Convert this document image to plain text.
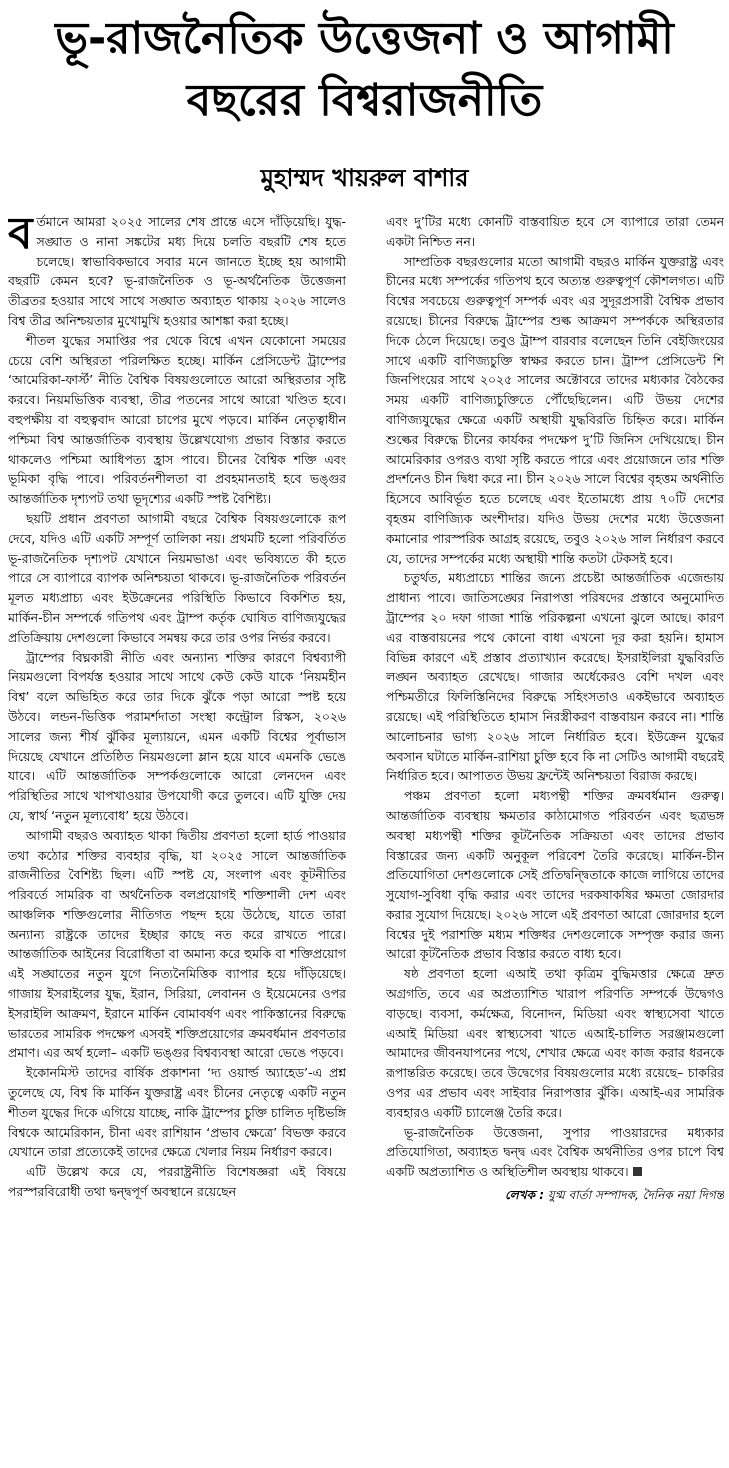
ভূ-রাজনৈতিক উত্তেজনা ও আগামী
বছরের বিশ্বরাজনীতি
মুহাম্মদ খায়রুল বাশার

বর্তমানে আমরা ২০২৫ সালের শেষ প্রান্তে এসে দাঁড়িয়েছি। যুদ্ধ-সঙ্ঘাত ও নানা সঙ্কটের মধ্য দিয়ে চলতি বছরটি শেষ হতে চলেছে। স্বাভাবিকভাবে সবার মনে জানতে ইচ্ছে হয় আগামী বছরটি কেমন হবে? ভূ-রাজনৈতিক ও ভূ-অর্থনৈতিক উত্তেজনা তীব্রতর হওয়ার সাথে সাথে সঙ্ঘাত অব্যাহত থাকায় ২০২৬ সালেও বিশ্ব তীব্র অনিশ্চয়তার মুখোমুখি হওয়ার আশঙ্কা করা হচ্ছে।

শীতল যুদ্ধের সমাপ্তির পর থেকে বিশ্বে এখন যেকোনো সময়ের চেয়ে বেশি অস্থিরতা পরিলক্ষিত হচ্ছে। মার্কিন প্রেসিডেন্ট ট্রাম্পের ‘আমেরিকা-ফার্স্ট’ নীতি বৈশ্বিক বিষয়গুলোতে আরো অস্থিরতার সৃষ্টি করবে। নিয়মভিত্তিক ব্যবস্থা, তীব্র পতনের সাথে আরো খণ্ডিত হবে। বহুপক্ষীয় বা বহুত্ববাদ আরো চাপের মুখে পড়বে। মার্কিন নেতৃত্বাধীন পশ্চিমা বিশ্ব আন্তর্জাতিক ব্যবস্থায় উল্লেখযোগ্য প্রভাব বিস্তার করতে থাকলেও পশ্চিমা আধিপত্য হ্রাস পাবে। চীনের বৈশ্বিক শক্তি এবং ভূমিকা বৃদ্ধি পাবে। পরিবর্তনশীলতা বা প্রবহমানতাই হবে ভঙ্গুর আন্তর্জাতিক দৃশ্যপট তথা ভূদৃশ্যের একটি স্পষ্ট বৈশিষ্ট্য।

ছয়টি প্রধান প্রবণতা আগামী বছরে বৈশ্বিক বিষয়গুলোকে রূপ দেবে, যদিও এটি একটি সম্পূর্ণ তালিকা নয়। প্রথমটি হলো পরিবর্তিত ভূ-রাজনৈতিক দৃশ্যপট যেখানে নিয়মভাঙা এবং ভবিষ্যতে কী হতে পারে সে ব্যাপারে ব্যাপক অনিশ্চয়তা থাকবে। ভূ-রাজনৈতিক পরিবর্তন মূলত মধ্যপ্রাচ্য এবং ইউক্রেনের পরিস্থিতি কিভাবে বিকশিত হয়, মার্কিন-চীন সম্পর্কে গতিপথ এবং ট্রাম্প কর্তৃক ঘোষিত বাণিজ্যযুদ্ধের প্রতিক্রিয়ায় দেশগুলো কিভাবে সমন্বয় করে তার ওপর নির্ভর করবে।

ট্রাম্পের বিঘ্নকারী নীতি এবং অন্যান্য শক্তির কারণে বিশ্বব্যাপী নিয়মগুলো বিপর্যস্ত হওয়ার সাথে সাথে কেউ কেউ যাকে ‘নিয়মহীন বিশ্ব’ বলে অভিহিত করে তার দিকে ঝুঁকে পড়া আরো স্পষ্ট হয়ে উঠবে। লন্ডন-ভিত্তিক পরামর্শদাতা সংস্থা কন্ট্রোল রিস্কস, ২০২৬ সালের জন্য শীর্ষ ঝুঁকির মূল্যায়নে, এমন একটি বিশ্বের পূর্বাভাস দিয়েছে যেখানে প্রতিষ্ঠিত নিয়মগুলো ম্লান হয়ে যাবে এমনকি ভেঙে যাবে। এটি আন্তর্জাতিক সম্পর্কগুলোকে আরো লেনদেন এবং পরিস্থিতির সাথে খাপখাওয়ার উপযোগী করে তুলবে। এটি যুক্তি দেয় যে, স্বার্থ ‘নতুন মূল্যবোধ’ হয়ে উঠবে।

আগামী বছরও অব্যাহত থাকা দ্বিতীয় প্রবণতা হলো হার্ড পাওয়ার তথা কঠোর শক্তির ব্যবহার বৃদ্ধি, যা ২০২৫ সালে আন্তর্জাতিক রাজনীতির বৈশিষ্ট্য ছিল। এটি স্পষ্ট যে, সংলাপ এবং কূটনীতির পরিবর্তে সামরিক বা অর্থনৈতিক বলপ্রয়োগই শক্তিশালী দেশ এবং আঞ্চলিক শক্তিগুলোর নীতিগত পছন্দ হয়ে উঠেছে, যাতে তারা অন্যান্য রাষ্ট্রকে তাদের ইচ্ছার কাছে নত করে রাখতে পারে। আন্তর্জাতিক আইনের বিরোধিতা বা অমান্য করে হুমকি বা শক্তিপ্রয়োগ এই সঙ্ঘাতের নতুন যুগে নিত্যনৈমিত্তিক ব্যাপার হয়ে দাঁড়িয়েছে। গাজায় ইসরাইলের যুদ্ধ, ইরান, সিরিয়া, লেবানন ও ইয়েমেনের ওপর ইসরাইলি আক্রমণ, ইরানে মার্কিন বোমাবর্ষণ এবং পাকিস্তানের বিরুদ্ধে ভারতের সামরিক পদক্ষেপ এসবই শক্তিপ্রয়োগের ক্রমবর্ধমান প্রবণতার প্রমাণ। এর অর্থ হলো– একটি ভঙ্গুর বিশ্বব্যবস্থা আরো ভেঙে পড়বে।

ইকোনমিস্ট তাদের বার্ষিক প্রকাশনা ‘দ্য ওয়ার্ল্ড অ্যাহেড’-এ প্রশ্ন তুলেছে যে, বিশ্ব কি মার্কিন যুক্তরাষ্ট্র এবং চীনের নেতৃত্বে একটি নতুন শীতল যুদ্ধের দিকে এগিয়ে যাচ্ছে, নাকি ট্রাম্পের চুক্তি চালিত দৃষ্টিভঙ্গি বিশ্বকে আমেরিকান, চীনা এবং রাশিয়ান ‘প্রভাব ক্ষেত্রে’ বিভক্ত করবে যেখানে তারা প্রত্যেকেই তাদের ক্ষেত্রে খেলার নিয়ম নির্ধারণ করবে।

এটি উল্লেখ করে যে, পররাষ্ট্রনীতি বিশেষজ্ঞরা এই বিষয়ে পরস্পরবিরোধী তথা দ্বন্দ্বপূর্ণ অবস্থানে রয়েছেন

এবং দু’টির মধ্যে কোনটি বাস্তবায়িত হবে সে ব্যাপারে তারা তেমন একটা নিশ্চিত নন।

সাম্প্রতিক বছরগুলোর মতো আগামী বছরও মার্কিন যুক্তরাষ্ট্র এবং চীনের মধ্যে সম্পর্কের গতিপথ হবে অত্যন্ত গুরুত্বপূর্ণ কৌশলগত। এটি বিশ্বের সবচেয়ে গুরুত্বপূর্ণ সম্পর্ক এবং এর সুদূরপ্রসারী বৈশ্বিক প্রভাব রয়েছে। চীনের বিরুদ্ধে ট্রাম্পের শুল্ক আক্রমণ সম্পর্ককে অস্থিরতার দিকে ঠেলে দিয়েছে। তবুও ট্রাম্প বারবার বলেছেন তিনি বেইজিংয়ের সাথে একটি বাণিজ্যচুক্তি স্বাক্ষর করতে চান। ট্রাম্প প্রেসিডেন্ট শি জিনপিংয়ের সাথে ২০২৫ সালের অক্টোবরে তাদের মধ্যকার বৈঠকের সময় একটি বাণিজ্যচুক্তিতে পৌঁছেছিলেন। এটি উভয় দেশের বাণিজ্যযুদ্ধের ক্ষেত্রে একটি অস্থায়ী যুদ্ধবিরতি চিহ্নিত করে। মার্কিন শুল্কের বিরুদ্ধে চীনের কার্যকর পদক্ষেপ দু’টি জিনিস দেখিয়েছে। চীন আমেরিকার ওপরও ব্যথা সৃষ্টি করতে পারে এবং প্রয়োজনে তার শক্তি প্রদর্শনেও চীন দ্বিধা করে না। চীন ২০২৬ সালে বিশ্বের বৃহত্তম অর্থনীতি হিসেবে আবির্ভূত হতে চলেছে এবং ইতোমধ্যে প্রায় ৭০টি দেশের বৃহত্তম বাণিজ্যিক অংশীদার। যদিও উভয় দেশের মধ্যে উত্তেজনা কমানোর পারস্পরিক আগ্রহ রয়েছে, তবুও ২০২৬ সাল নির্ধারণ করবে যে, তাদের সম্পর্কের মধ্যে অস্থায়ী শান্তি কতটা টেকসই হবে।

চতুর্থত, মধ্যপ্রাচ্যে শান্তির জন্যে প্রচেষ্টা আন্তর্জাতিক এজেন্ডায় প্রাধান্য পাবে। জাতিসঙ্ঘের নিরাপত্তা পরিষদের প্রস্তাবে অনুমোদিত ট্রাম্পের ২০ দফা গাজা শান্তি পরিকল্পনা এখনো ঝুলে আছে। কারণ এর বাস্তবায়নের পথে কোনো বাধা এখনো দূর করা হয়নি। হামাস বিভিন্ন কারণে এই প্রস্তাব প্রত্যাখ্যান করেছে। ইসরাইলিরা যুদ্ধবিরতি লঙ্ঘন অব্যাহত রেখেছে। গাজার অর্ধেকেরও বেশি দখল এবং পশ্চিমতীরে ফিলিস্তিনিদের বিরুদ্ধে সহিংসতাও একইভাবে অব্যাহত রয়েছে। এই পরিস্থিতিতে হামাস নিরস্ত্রীকরণ বাস্তবায়ন করবে না। শান্তি আলোচনার ভাগ্য ২০২৬ সালে নির্ধারিত হবে। ইউক্রেন যুদ্ধের অবসান ঘটাতে মার্কিন-রাশিয়া চুক্তি হবে কি না সেটিও আগামী বছরেই নির্ধারিত হবে। আপাতত উভয় ফ্রন্টেই অনিশ্চয়তা বিরাজ করছে।

পঞ্চম প্রবণতা হলো মধ্যপন্থী শক্তির ক্রমবর্ধমান গুরুত্ব। আন্তর্জাতিক ব্যবস্থায় ক্ষমতার কাঠামোগত পরিবর্তন এবং ছত্রভঙ্গ অবস্থা মধ্যপন্থী শক্তির কূটনৈতিক সক্রিয়তা এবং তাদের প্রভাব বিস্তারের জন্য একটি অনুকূল পরিবেশ তৈরি করেছে। মার্কিন-চীন প্রতিযোগিতা দেশগুলোকে সেই প্রতিদ্বন্দ্বিতাকে কাজে লাগিয়ে তাদের সুযোগ-সুবিধা বৃদ্ধি করার এবং তাদের দরকষাকষির ক্ষমতা জোরদার করার সুযোগ দিয়েছে। ২০২৬ সালে এই প্রবণতা আরো জোরদার হলে বিশ্বের দুই পরাশক্তি মধ্যম শক্তিধর দেশগুলোকে সম্পৃক্ত করার জন্য আরো কূটনৈতিক প্রভাব বিস্তার করতে বাধ্য হবে।

ষষ্ঠ প্রবণতা হলো এআই তথা কৃত্রিম বুদ্ধিমত্তার ক্ষেত্রে দ্রুত অগ্রগতি, তবে এর অপ্রত্যাশিত খারাপ পরিণতি সম্পর্কে উদ্বেগও বাড়ছে। ব্যবসা, কর্মক্ষেত্র, বিনোদন, মিডিয়া এবং স্বাস্থ্যসেবা খাতে এআই মিডিয়া এবং স্বাস্থ্যসেবা খাতে এআই-চালিত সরঞ্জামগুলো আমাদের জীবনযাপনের পথে, শেখার ক্ষেত্রে এবং কাজ করার ধরনকে রূপান্তরিত করেছে। তবে উদ্বেগের বিষয়গুলোর মধ্যে রয়েছে– চাকরির ওপর এর প্রভাব এবং সাইবার নিরাপত্তার ঝুঁকি। এআই-এর সামরিক ব্যবহারও একটি চ্যালেঞ্জ তৈরি করে।

ভূ-রাজনৈতিক উত্তেজনা, সুপার পাওয়ারদের মধ্যকার প্রতিযোগিতা, অব্যাহত দ্বন্দ্ব এবং বৈশ্বিক অর্থনীতির ওপর চাপে বিশ্ব একটি অপ্রত্যাশিত ও অস্থিতিশীল অবস্থায় থাকবে।

লেখক : যুগ্ম বার্তা সম্পাদক, দৈনিক নয়া দিগন্ত
